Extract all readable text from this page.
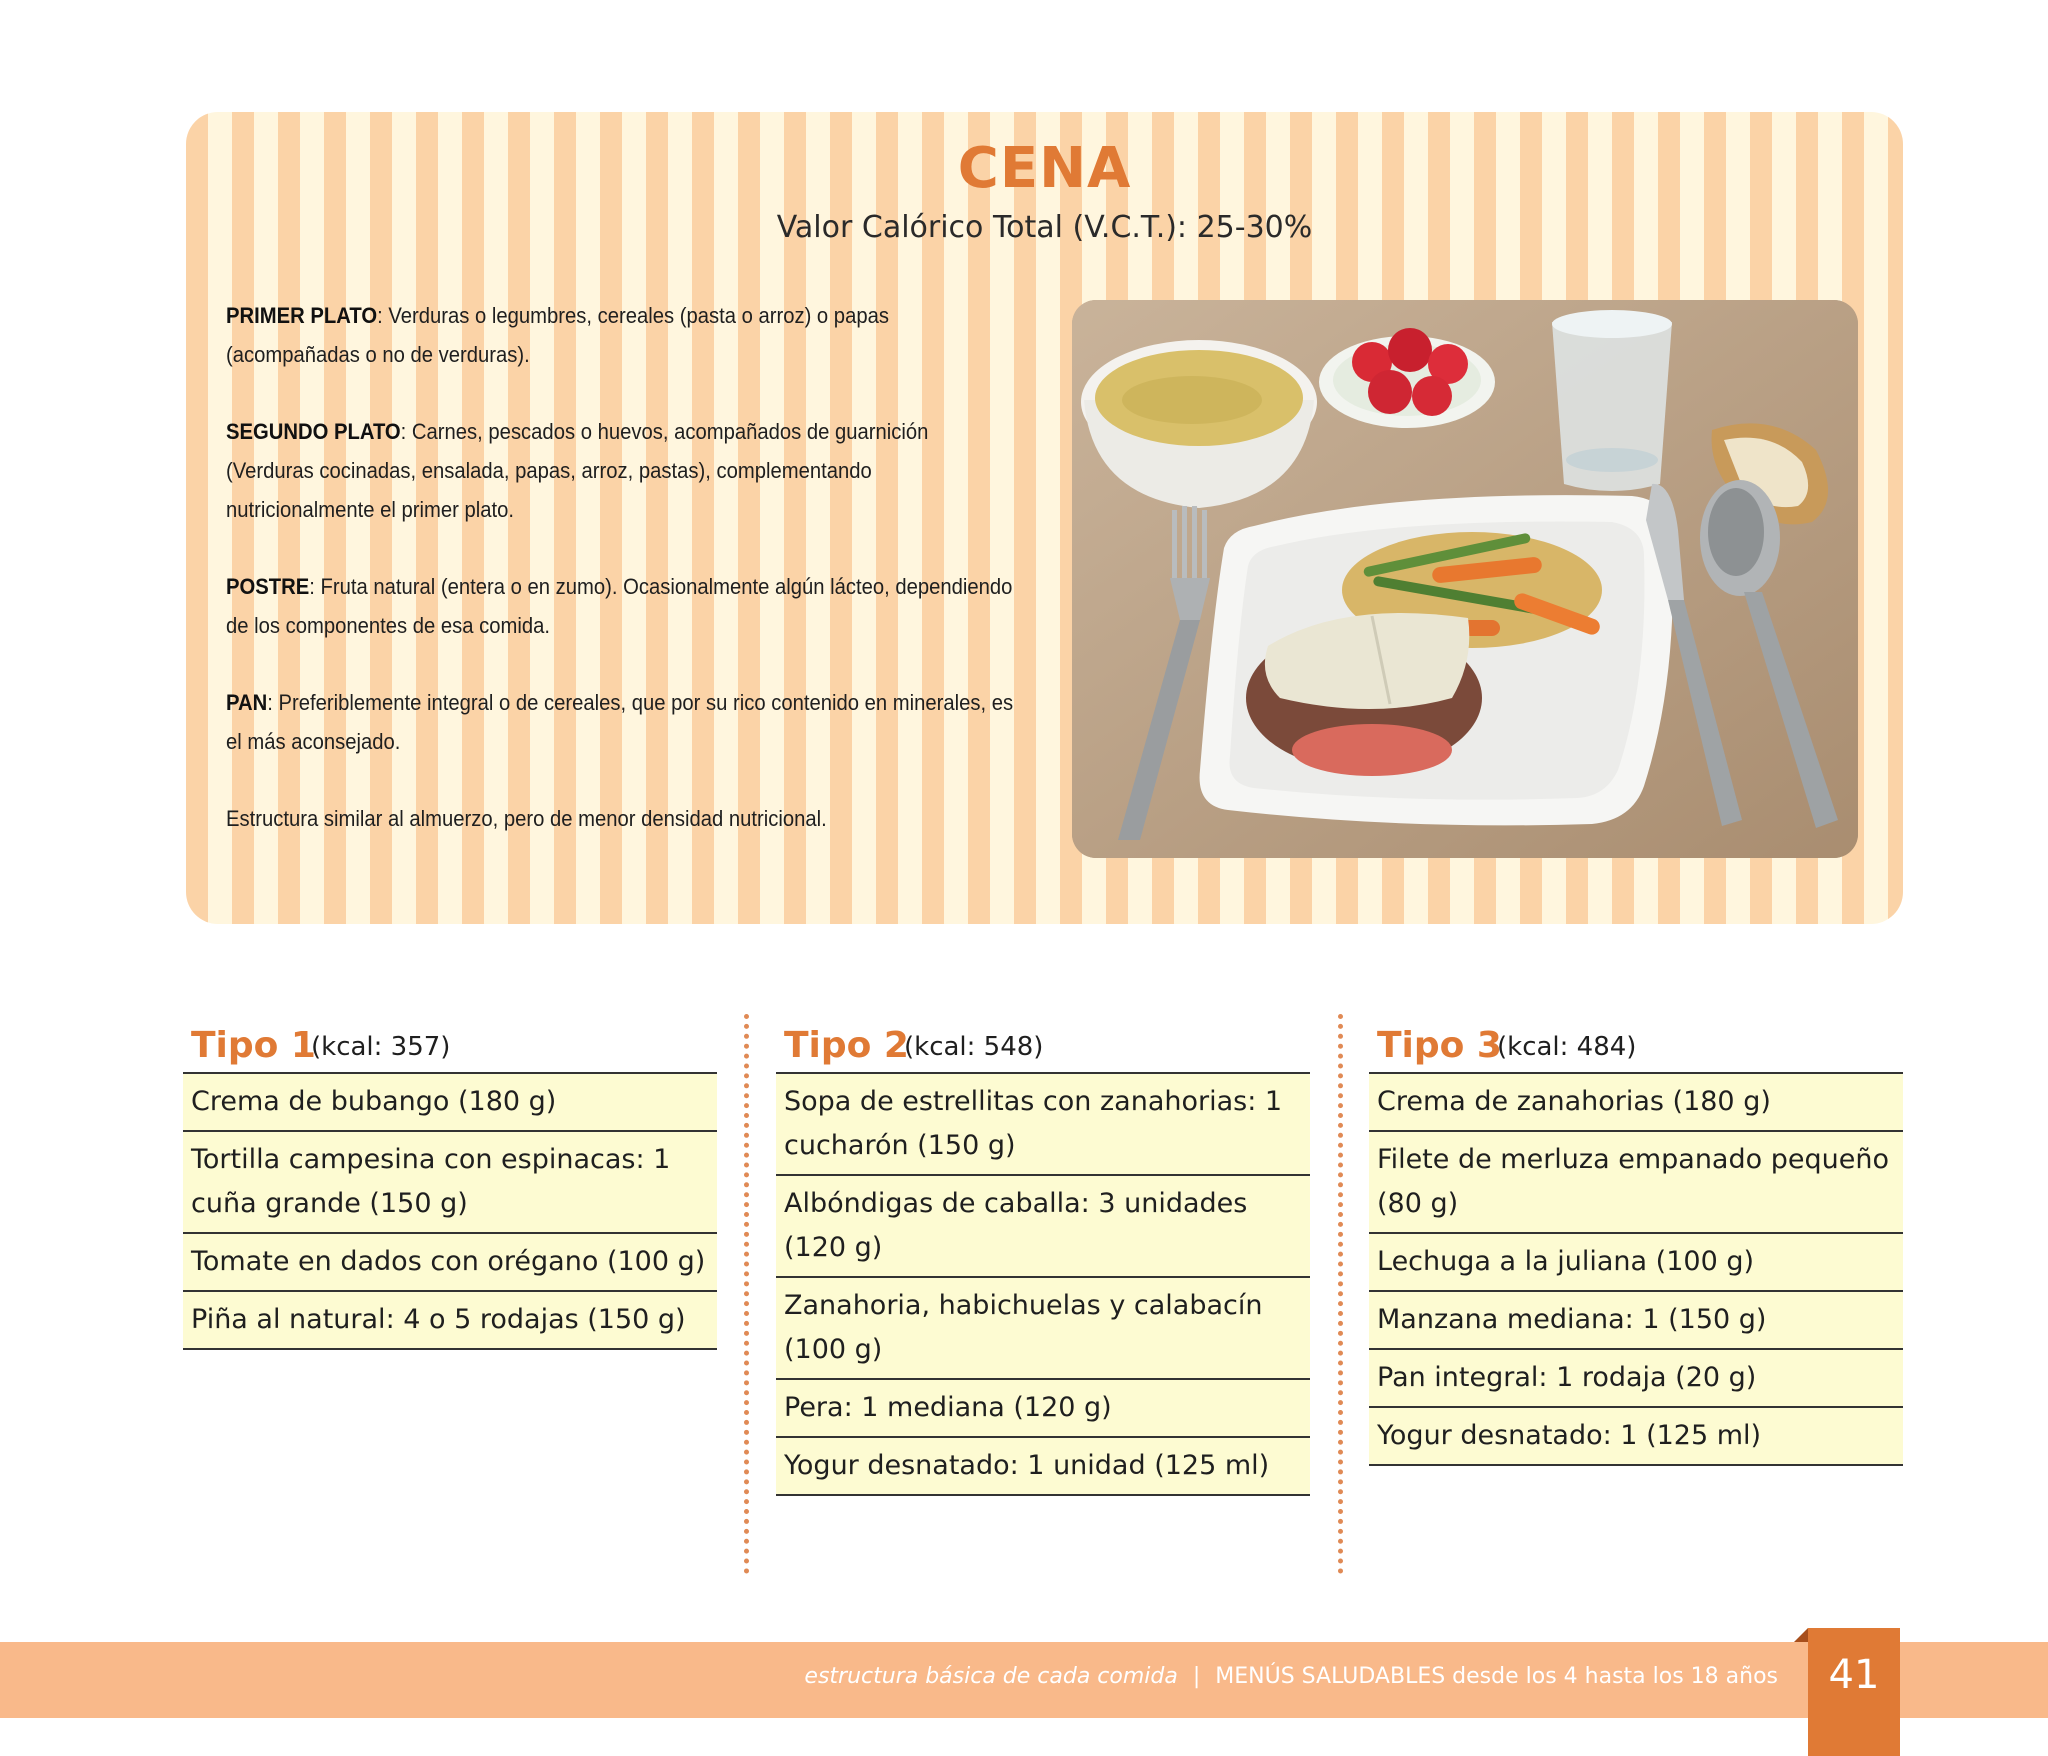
CENA
Valor Calórico Total (V.C.T.): 25-30%

PRIMER PLATO: Verduras o legumbres, cereales (pasta o arroz) o papas (acompañadas o no de verduras).

SEGUNDO PLATO: Carnes, pescados o huevos, acompañados de guarnición (Verduras cocinadas, ensalada, papas, arroz, pastas), complementando nutricionalmente el primer plato.

POSTRE: Fruta natural (entera o en zumo). Ocasionalmente algún lácteo, dependiendo de los componentes de esa comida.

PAN: Preferiblemente integral o de cereales, que por su rico contenido en minerales, es el más aconsejado.

Estructura similar al almuerzo, pero de menor densidad nutricional.

Tipo 1
(kcal: 357)
Crema de bubango (180 g)
Tortilla campesina con espinacas: 1 cuña grande (150 g)
Tomate en dados con orégano (100 g)
Piña al natural: 4 o 5 rodajas (150 g)
Tipo 2
(kcal: 548)
Sopa de estrellitas con zanahorias: 1 cucharón (150 g)
Albóndigas de caballa: 3 unidades (120 g)
Zanahoria, habichuelas y calabacín (100 g)
Pera: 1 mediana (120 g)
Yogur desnatado: 1 unidad (125 ml)
Tipo 3
(kcal: 484)
Crema de zanahorias (180 g)
Filete de merluza empanado pequeño (80 g)
Lechuga a la juliana (100 g)
Manzana mediana: 1 (150 g)
Pan integral: 1 rodaja (20 g)
Yogur desnatado: 1 (125 ml)
estructura básica de cada comida | MENÚS SALUDABLES desde los 4 hasta los 18 años	41
